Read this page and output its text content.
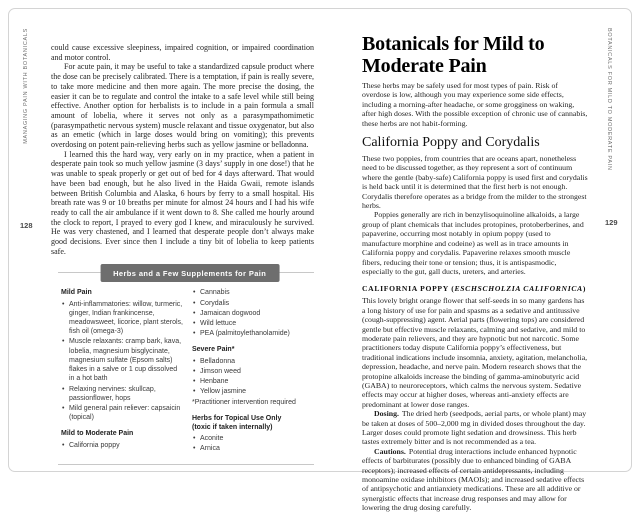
MANAGING PAIN WITH BOTANICALS	BOTANICALS FOR MILD TO MODERATE PAIN
128	129

could cause excessive sleepiness, impaired cognition, or impaired coordination and motor control.

For acute pain, it may be useful to take a standardized capsule product where the dose can be precisely calibrated. There is a temptation, if pain is really severe, to take more medicine and then more again. The more precise the dosing, the easier it can be to regulate and control the intake to a safe level while still being effective. Another option for herbalists is to include in a pain formula a small amount of lobelia, where it serves not only as a parasympathomimetic (parasympathetic nervous system) muscle relaxant and tissue oxygenator, but also as an emetic (which in large doses would bring on vomiting); this prevents overdosing on potent pain-relieving herbs such as yellow jasmine or belladonna.

I learned this the hard way, very early on in my practice, when a patient in desperate pain took so much yellow jasmine (3 days’ supply in one dose!) that he was unable to speak properly or get out of bed for 4 days afterward. That would have been bad enough, but he also lived in the Haida Gwaii, remote islands between British Columbia and Alaska, 6 hours by ferry to a small hospital. His breath rate was 9 or 10 breaths per minute for almost 24 hours and I had his wife ready to call the air ambulance if it went down to 8. She called me hourly around the clock to report, I prayed to every god I knew, and miraculously he survived. He was very chastened, and I learned that desperate people don’t always make good decisions. Ever since then I include a tiny bit of lobelia to keep patients safe.

Herbs and a Few Supplements for Pain
Mild Pain
• Anti-inflammatories: willow, turmeric, ginger, Indian frankincense, meadowsweet, licorice, plant sterols, fish oil (omega-3)
• Muscle relaxants: cramp bark, kava, lobelia, magnesium bisglycinate, magnesium sulfate (Epsom salts) flakes in a salve or 1 cup dissolved in a hot bath
• Relaxing nervines: skullcap, passionflower, hops
• Mild general pain reliever: capsaicin (topical)
Mild to Moderate Pain
• California poppy
• Cannabis
• Corydalis
• Jamaican dogwood
• Wild lettuce
• PEA (palmitoylethanolamide)
Severe Pain*
• Belladonna
• Jimson weed
• Henbane
• Yellow jasmine
*Practitioner intervention required
Herbs for Topical Use Only
(toxic if taken internally)
• Aconite
• Arnica
Botanicals for Mild to Moderate Pain

These herbs may be safely used for most types of pain. Risk of overdose is low, although you may experience some side effects, including a morning-after headache, or some grogginess on waking, after high doses. With the possible exception of chronic use of cannabis, these herbs are not habit-forming.

California Poppy and Corydalis

These two poppies, from countries that are oceans apart, nonetheless need to be discussed together, as they represent a sort of continuum where the gentle (baby-safe) California poppy is used first and corydalis is held back until it is determined that the first herb is not enough. Corydalis therefore operates as a bridge from the milder to the strongest herbs.

Poppies generally are rich in benzylisoquinoline alkaloids, a large group of plant chemicals that includes protopines, protoberberines, and papaverine, occurring most notably in opium poppy (used to manufacture morphine and codeine) as well as in trace amounts in California poppy and corydalis. Papaverine relaxes smooth muscle fibers, reducing their tone or tension; thus, it is antispasmodic, especially to the gut, gall ducts, ureters, and arteries.

CALIFORNIA POPPY (ESCHSCHOLZIA CALIFORNICA)

This lovely bright orange flower that self-seeds in so many gardens has a long history of use for pain and spasms as a sedative and antitussive (cough-suppressing) agent. Aerial parts (flowering tops) are considered gentle but effective muscle relaxants, calming and sedative, and mild to moderate pain relievers, and they are hypnotic but not narcotic. Some practitioners today dispute California poppy’s effectiveness, but traditional indications include insomnia, anxiety, agitation, melancholia, depression, headache, and nerve pain. Modern research shows that the protopine alkaloids increase the binding of gamma-aminobutyric acid (GABA) to neuroreceptors, which calms the nervous system. Sedative effects may occur at higher doses, whereas anti-anxiety effects are predominant at lower dose ranges.

Dosing. The dried herb (seedpods, aerial parts, or whole plant) may be taken at doses of 500–2,000 mg in divided doses throughout the day. Larger doses could promote light sedation and drowsiness. This herb tastes extremely bitter and is not recommended as a tea.

Cautions. Potential drug interactions include enhanced hypnotic effects of barbiturates (possibly due to enhanced binding of GABA receptors); increased effects of certain antidepressants, including monoamine oxidase inhibitors (MAOIs); and increased sedative effects of antipsychotic and antianxiety medications. These are all additive or synergistic effects that increase drug responses and may allow for lowering the drug dosing carefully.
